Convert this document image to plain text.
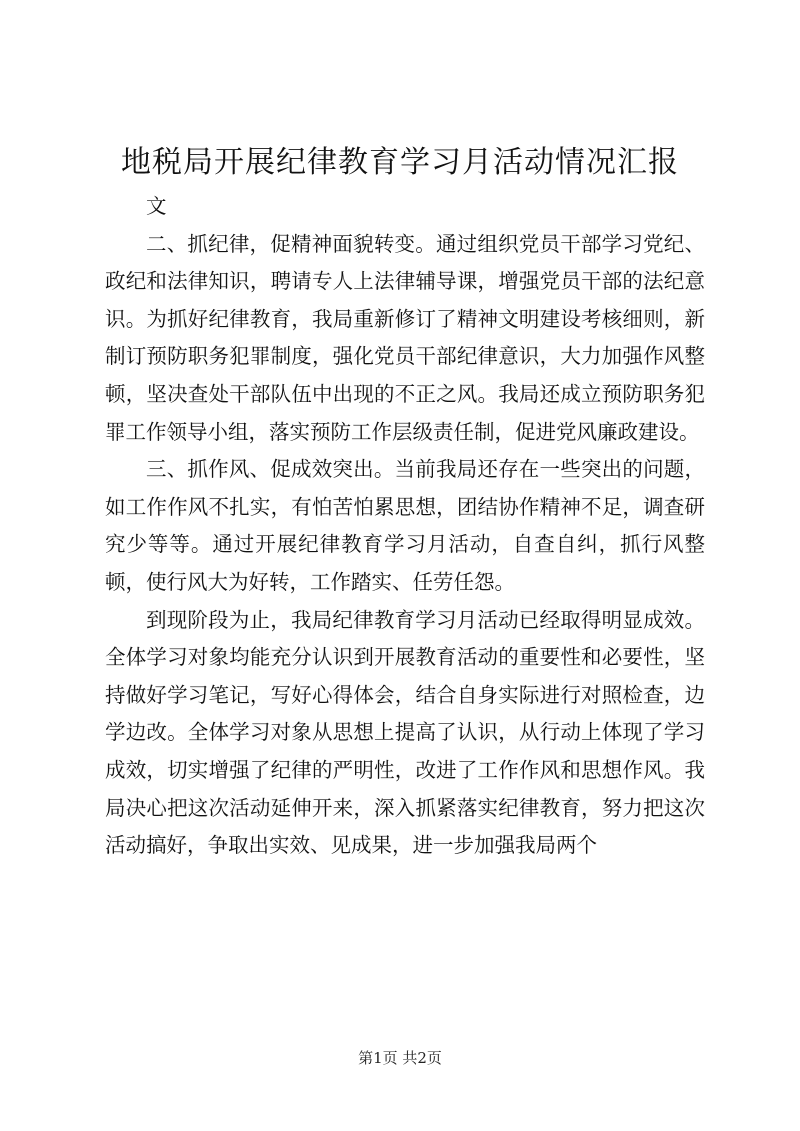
地税局开展纪律教育学习月活动情况汇报

文

二、抓纪律，促精神面貌转变。通过组织党员干部学习党纪、政纪和法律知识，聘请专人上法律辅导课，增强党员干部的法纪意识。为抓好纪律教育，我局重新修订了精神文明建设考核细则，新制订预防职务犯罪制度，强化党员干部纪律意识，大力加强作风整顿，坚决查处干部队伍中出现的不正之风。我局还成立预防职务犯罪工作领导小组，落实预防工作层级责任制，促进党风廉政建设。

三、抓作风、促成效突出。当前我局还存在一些突出的问题，如工作作风不扎实，有怕苦怕累思想，团结协作精神不足，调查研究少等等。通过开展纪律教育学习月活动，自查自纠，抓行风整顿，使行风大为好转，工作踏实、任劳任怨。

到现阶段为止，我局纪律教育学习月活动已经取得明显成效。全体学习对象均能充分认识到开展教育活动的重要性和必要性，坚持做好学习笔记，写好心得体会，结合自身实际进行对照检查，边学边改。全体学习对象从思想上提高了认识，从行动上体现了学习成效，切实增强了纪律的严明性，改进了工作作风和思想作风。我局决心把这次活动延伸开来，深入抓紧落实纪律教育，努力把这次活动搞好，争取出实效、见成果，进一步加强我局两个

第1页 共2页
